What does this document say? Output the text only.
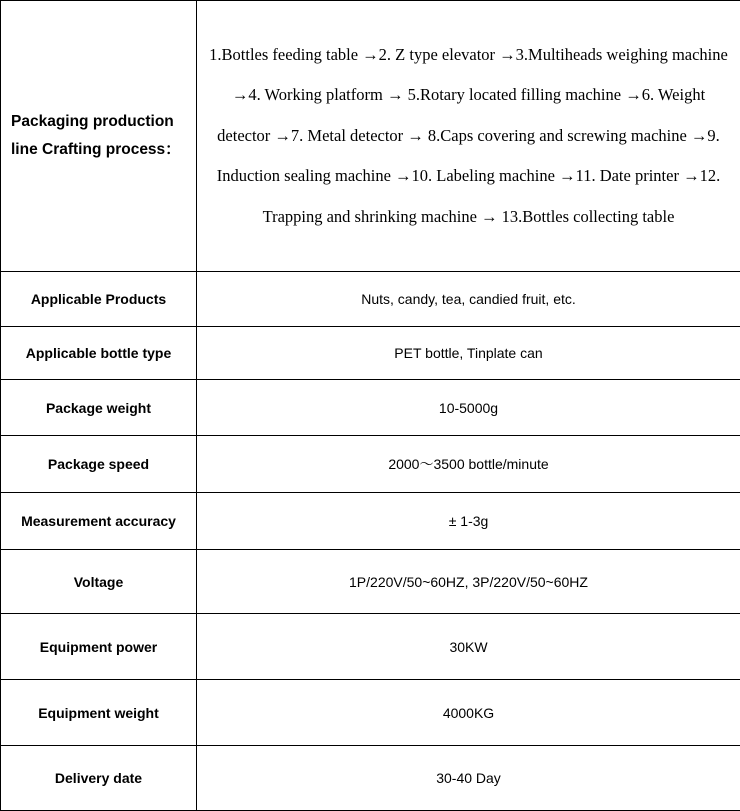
Packaging production line Crafting process：	1.Bottles feeding table →2. Z type elevator →3.Multiheads weighing machine →4. Working platform → 5.Rotary located filling machine →6. Weight detector →7. Metal detector → 8.Caps covering and screwing machine →9. Induction sealing machine →10. Labeling machine →11. Date printer →12. Trapping and shrinking machine → 13.Bottles collecting table
Applicable Products	Nuts, candy, tea, candied fruit, etc.
Applicable bottle type	PET bottle, Tinplate can
Package weight	10-5000g
Package speed	2000～3500 bottle/minute
Measurement accuracy	± 1-3g
Voltage	1P/220V/50~60HZ, 3P/220V/50~60HZ
Equipment power	30KW
Equipment weight	4000KG
Delivery date	30-40 Day
